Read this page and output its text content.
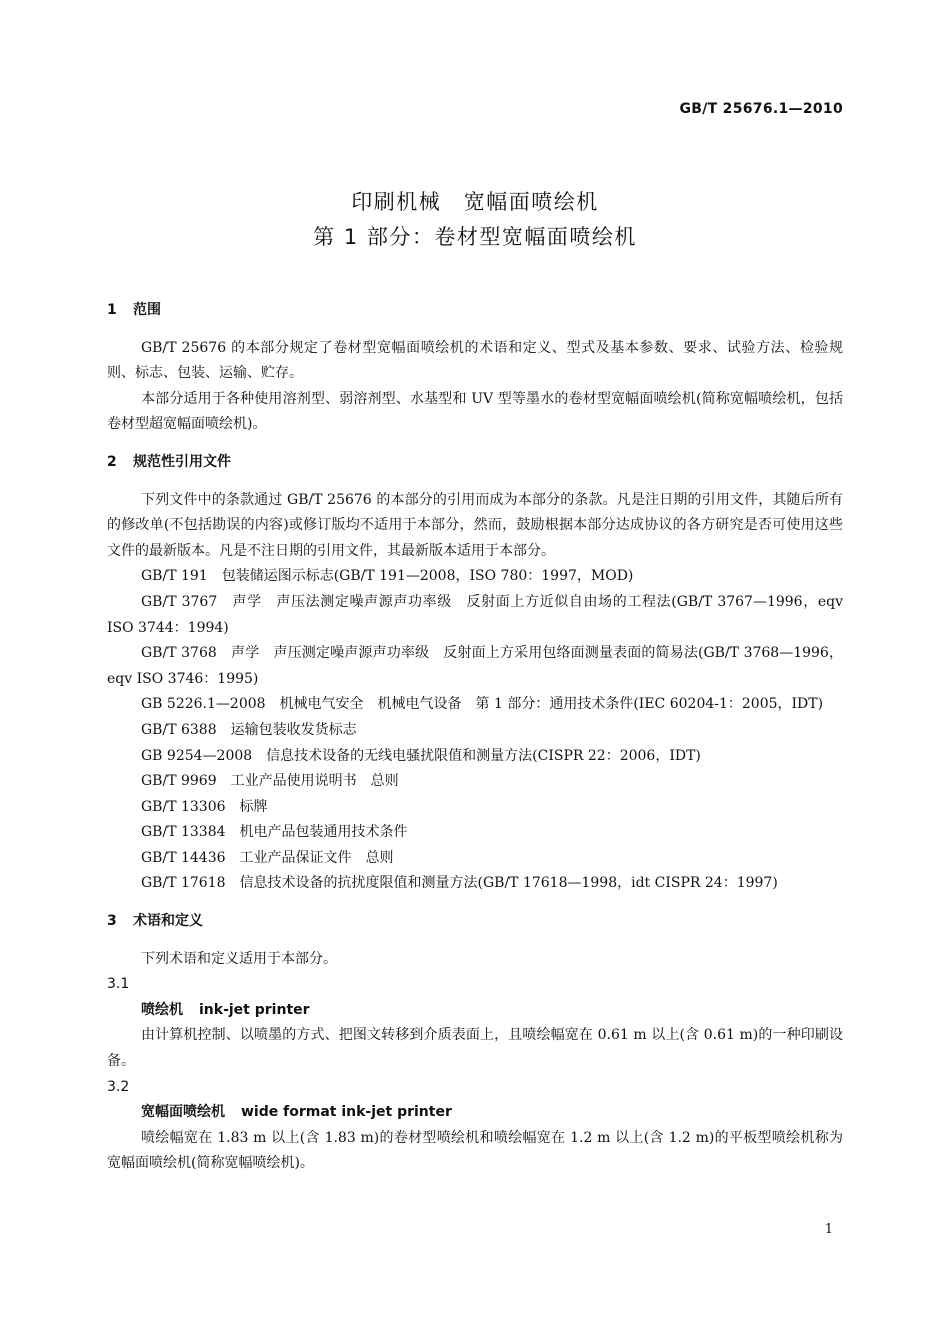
GB/T 25676.1—2010
印刷机械　宽幅面喷绘机
第 1 部分：卷材型宽幅面喷绘机
1 范围

GB/T 25676 的本部分规定了卷材型宽幅面喷绘机的术语和定义、型式及基本参数、要求、试验方法、检验规则、标志、包装、运输、贮存。

本部分适用于各种使用溶剂型、弱溶剂型、水基型和 UV 型等墨水的卷材型宽幅面喷绘机(简称宽幅喷绘机，包括卷材型超宽幅面喷绘机)。

2 规范性引用文件

下列文件中的条款通过 GB/T 25676 的本部分的引用而成为本部分的条款。凡是注日期的引用文件，其随后所有的修改单(不包括勘误的内容)或修订版均不适用于本部分，然而，鼓励根据本部分达成协议的各方研究是否可使用这些文件的最新版本。凡是不注日期的引用文件，其最新版本适用于本部分。

GB/T 191　包装储运图示标志(GB/T 191—2008，ISO 780：1997，MOD)

GB/T 3767　声学　声压法测定噪声源声功率级　反射面上方近似自由场的工程法(GB/T 3767—1996，eqv ISO 3744：1994)

GB/T 3768　声学　声压测定噪声源声功率级　反射面上方采用包络面测量表面的简易法(GB/T 3768—1996，eqv ISO 3746：1995)

GB 5226.1—2008　机械电气安全　机械电气设备　第 1 部分：通用技术条件(IEC 60204-1：2005，IDT)

GB/T 6388　运输包装收发货标志

GB 9254—2008　信息技术设备的无线电骚扰限值和测量方法(CISPR 22：2006，IDT)

GB/T 9969　工业产品使用说明书　总则

GB/T 13306　标牌

GB/T 13384　机电产品包装通用技术条件

GB/T 14436　工业产品保证文件　总则

GB/T 17618　信息技术设备的抗扰度限值和测量方法(GB/T 17618—1998，idt CISPR 24：1997)

3 术语和定义

下列术语和定义适用于本部分。

3.1
喷绘机 ink-jet printer

由计算机控制、以喷墨的方式、把图文转移到介质表面上，且喷绘幅宽在 0.61 m 以上(含 0.61 m)的一种印刷设备。

3.2
宽幅面喷绘机 wide format ink-jet printer

喷绘幅宽在 1.83 m 以上(含 1.83 m)的卷材型喷绘机和喷绘幅宽在 1.2 m 以上(含 1.2 m)的平板型喷绘机称为宽幅面喷绘机(简称宽幅喷绘机)。

1
